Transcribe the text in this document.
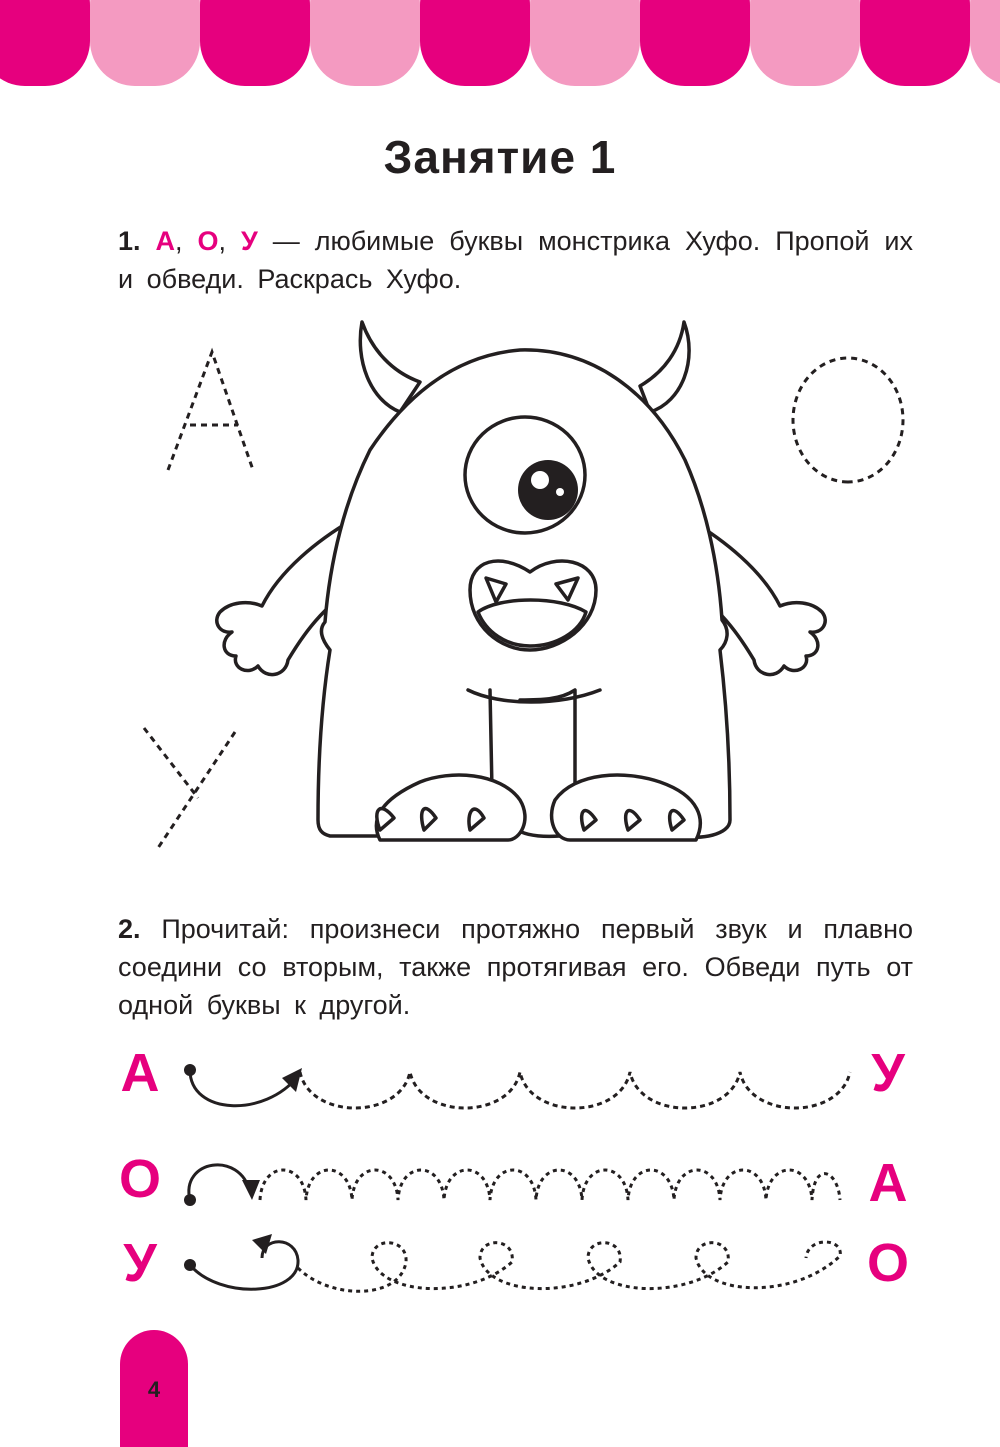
Занятие 1
1. А, О, У — любимые буквы монстрика Хуфо. Пропой их и обведи. Раскрась Хуфо.
2. Прочитай: произнеси протяжно первый звук и плавно соедини со вторым, также протягивая его. Обведи путь от одной буквы к другой.
А	У
О	А
У	О
4
